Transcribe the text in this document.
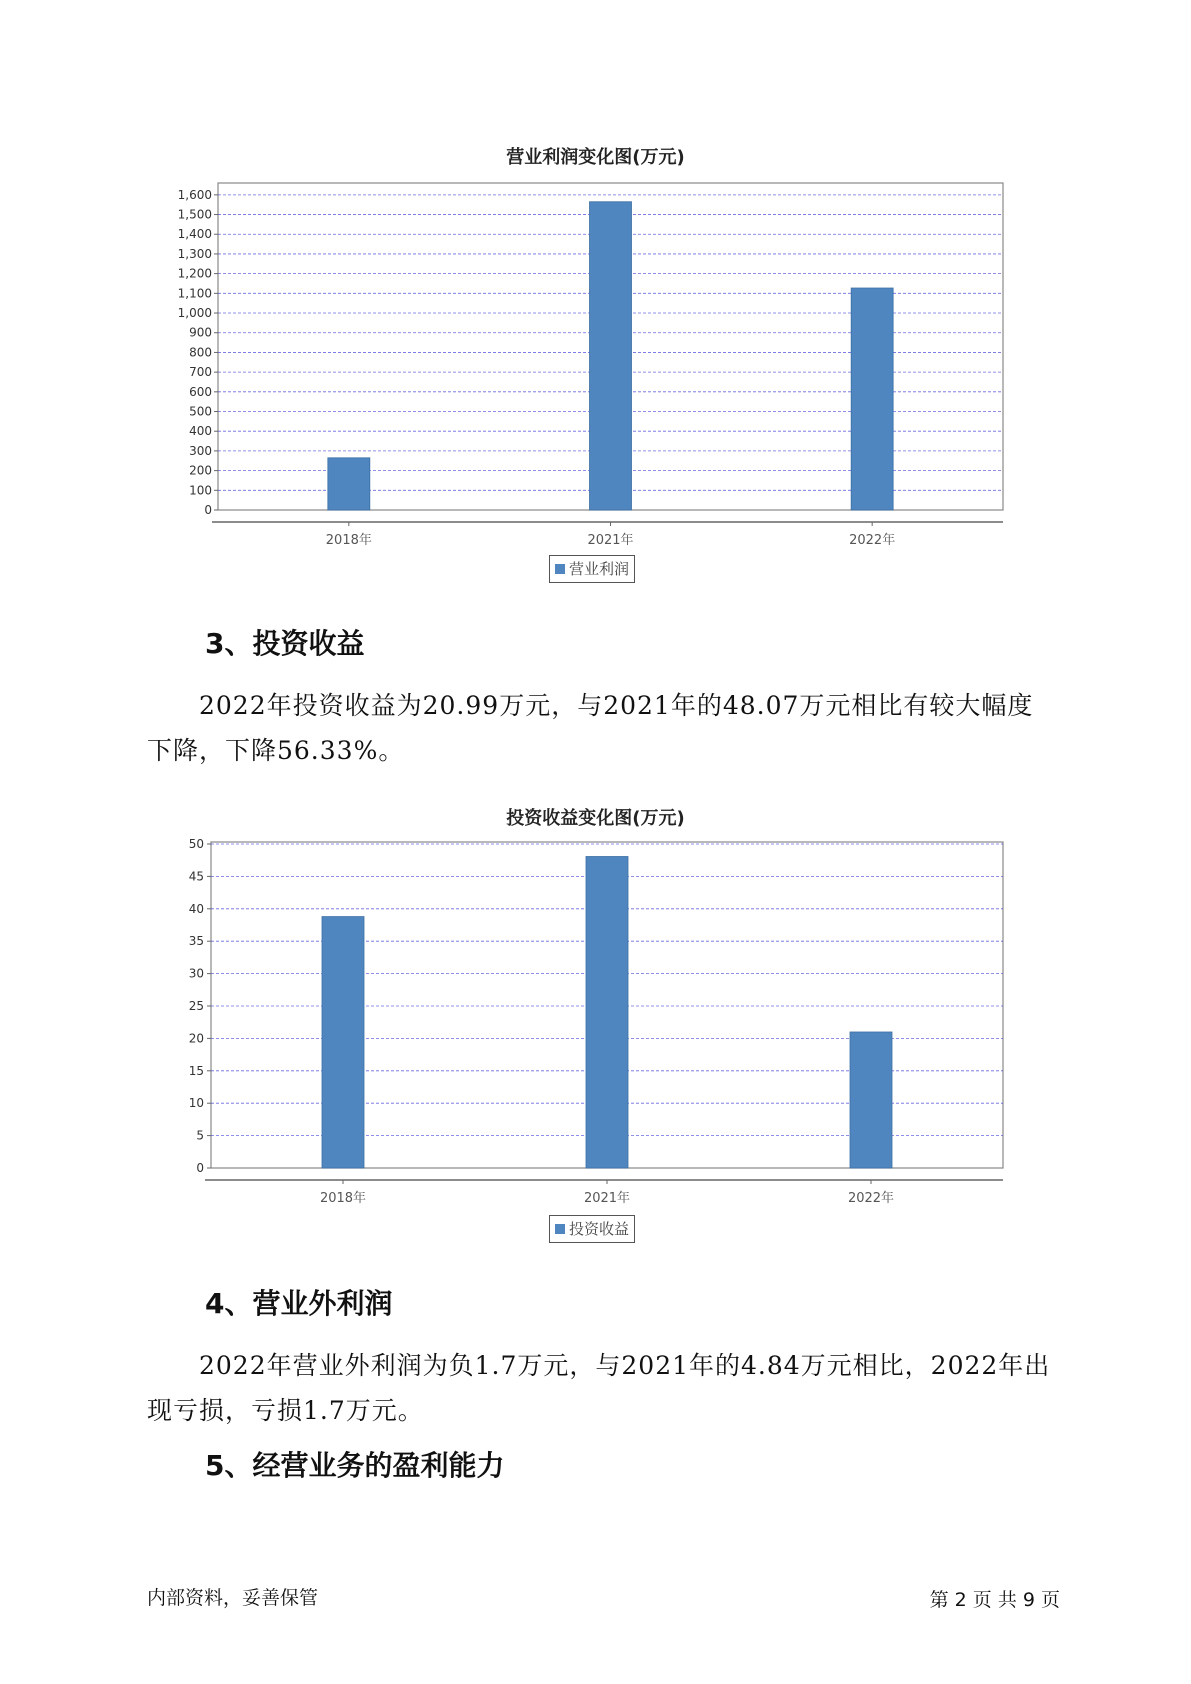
营业利润变化图(万元)
0
100
200
300
400
500
600
700
800
900
1,000
1,100
1,200
1,300
1,400
1,500
1,600
2018年	2021年	2022年
营业利润
3、投资收益
2022年投资收益为20.99万元，与2021年的48.07万元相比有较大幅度
下降，下降56.33%。
投资收益变化图(万元)
0
5
10
15
20
25
30
35
40
45
50
2018年	2021年	2022年
投资收益
4、营业外利润
2022年营业外利润为负1.7万元，与2021年的4.84万元相比，2022年出
现亏损，亏损1.7万元。
5、经营业务的盈利能力
内部资料，妥善保管	第 2 页 共 9 页
